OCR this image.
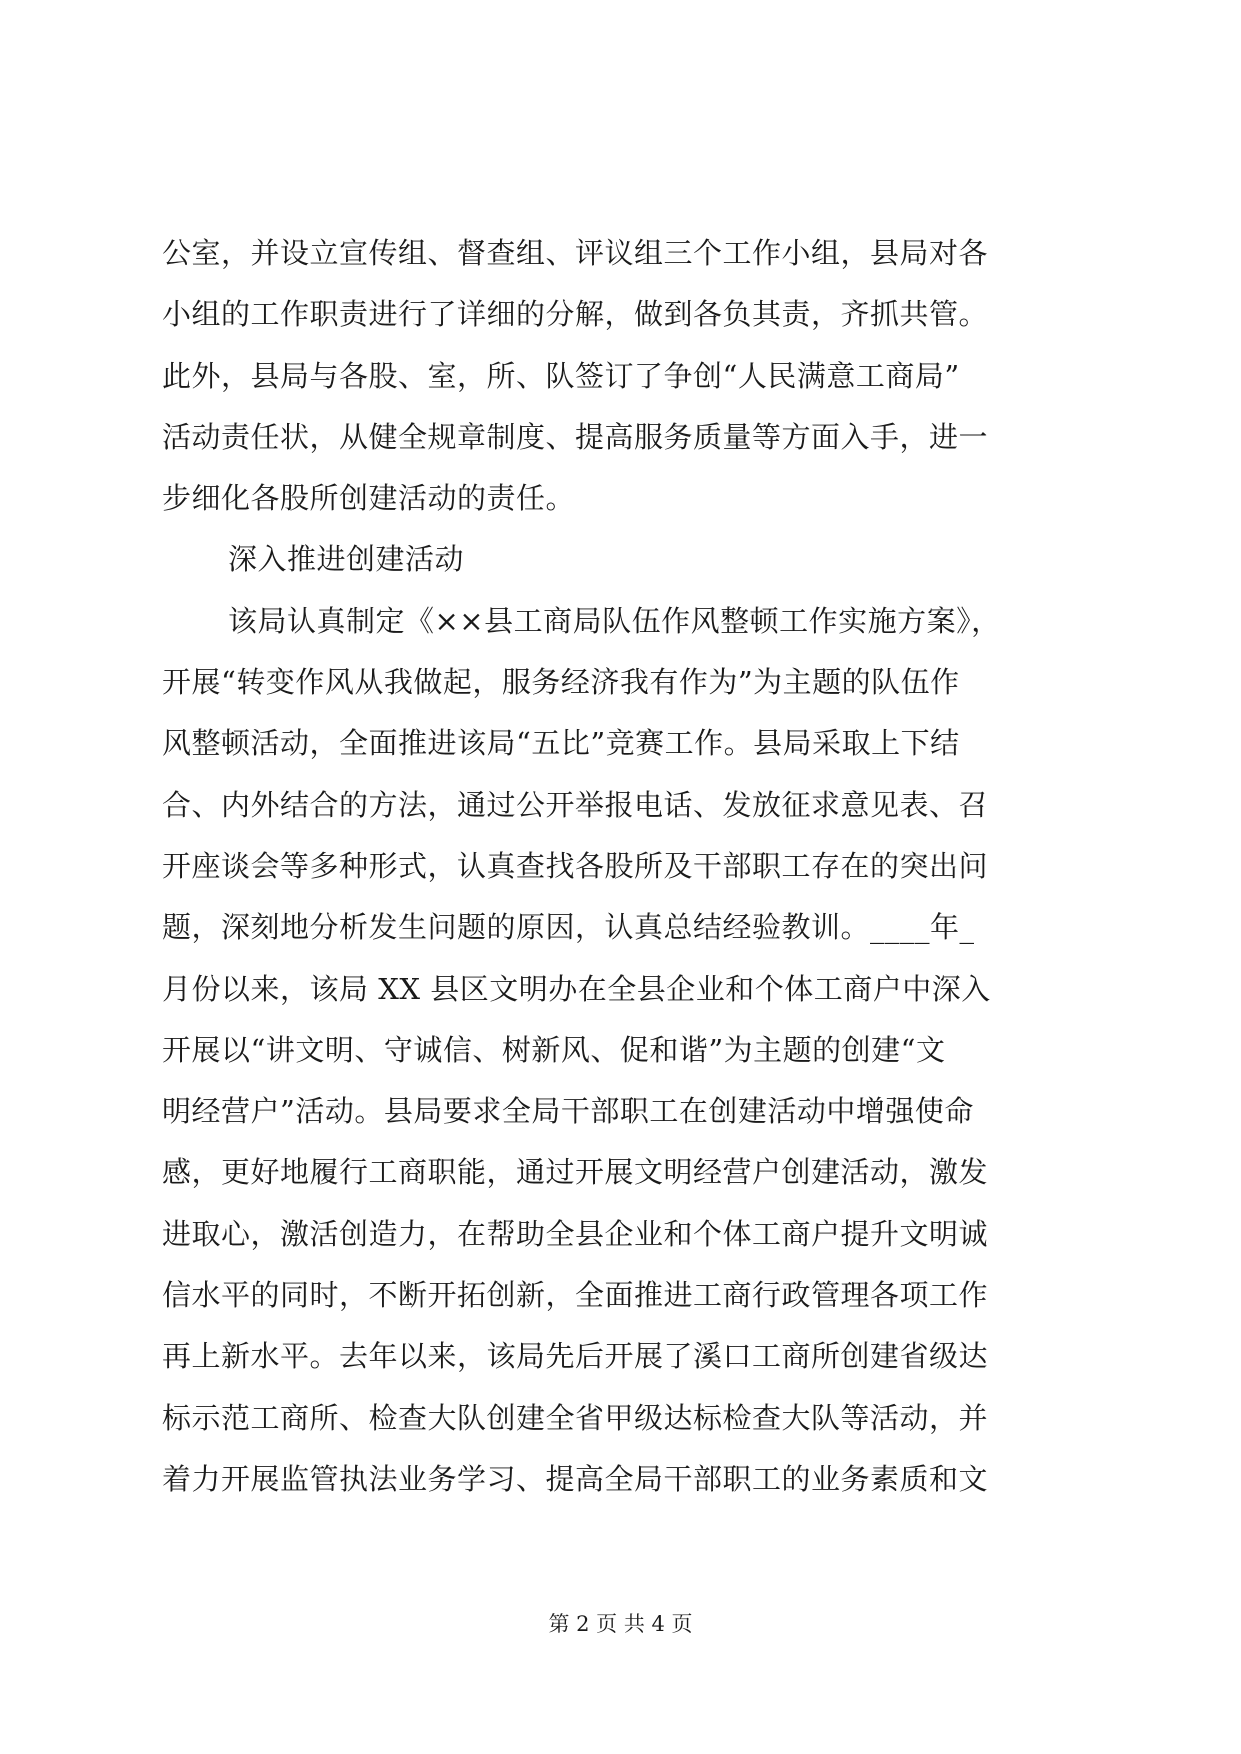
公室，并设立宣传组、督查组、评议组三个工作小组，县局对各
小组的工作职责进行了详细的分解，做到各负其责，齐抓共管。
此外，县局与各股、室，所、队签订了争创“人民满意工商局”
活动责任状，从健全规章制度、提高服务质量等方面入手，进一
步细化各股所创建活动的责任。
深入推进创建活动
该局认真制定《××县工商局队伍作风整顿工作实施方案》，
开展“转变作风从我做起，服务经济我有作为”为主题的队伍作
风整顿活动，全面推进该局“五比”竞赛工作。县局采取上下结
合、内外结合的方法，通过公开举报电话、发放征求意见表、召
开座谈会等多种形式，认真查找各股所及干部职工存在的突出问
题，深刻地分析发生问题的原因，认真总结经验教训。____年_
月份以来，该局 XX 县区文明办在全县企业和个体工商户中深入
开展以“讲文明、守诚信、树新风、促和谐”为主题的创建“文
明经营户”活动。县局要求全局干部职工在创建活动中增强使命
感，更好地履行工商职能，通过开展文明经营户创建活动，激发
进取心，激活创造力，在帮助全县企业和个体工商户提升文明诚
信水平的同时，不断开拓创新，全面推进工商行政管理各项工作
再上新水平。去年以来，该局先后开展了溪口工商所创建省级达
标示范工商所、检查大队创建全省甲级达标检查大队等活动，并
着力开展监管执法业务学习、提高全局干部职工的业务素质和文
第 2 页 共 4 页
